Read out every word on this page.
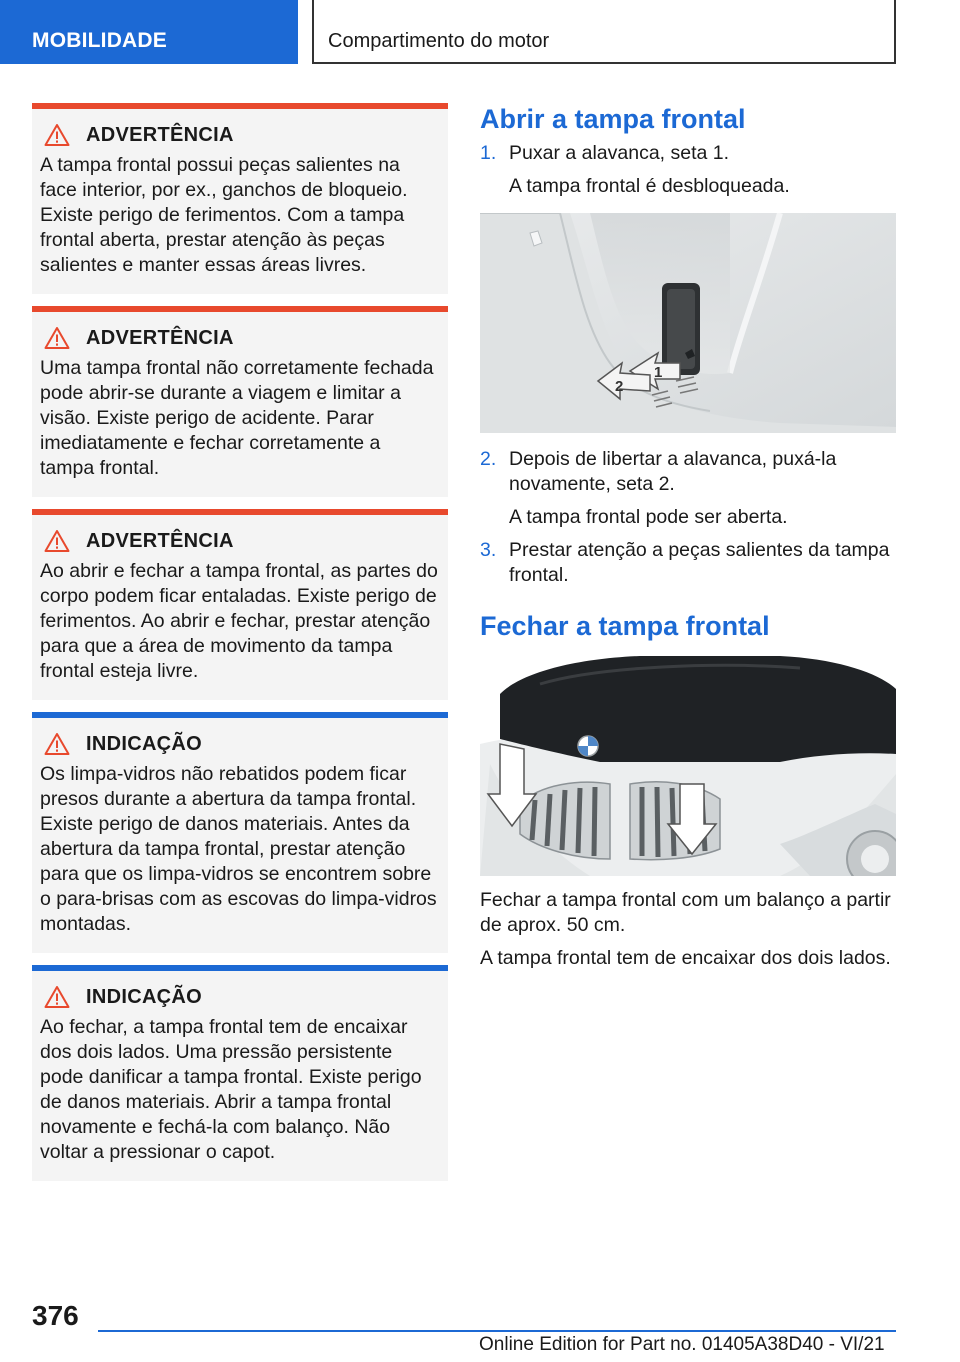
MOBILIDADE	Compartimento do motor
ADVERTÊNCIA
A tampa frontal possui peças salientes na face interior, por ex., ganchos de bloqueio. Existe perigo de ferimentos. Com a tampa frontal aberta, prestar atenção às peças salientes e manter essas áreas livres.
ADVERTÊNCIA
Uma tampa frontal não corretamente fechada pode abrir-se durante a viagem e limitar a visão. Existe perigo de acidente. Parar imediatamente e fechar corretamente a tampa frontal.
ADVERTÊNCIA
Ao abrir e fechar a tampa frontal, as partes do corpo podem ficar entaladas. Existe perigo de ferimentos. Ao abrir e fechar, prestar atenção para que a área de movimento da tampa frontal esteja livre.
INDICAÇÃO
Os limpa-vidros não rebatidos podem ficar presos durante a abertura da tampa frontal. Existe perigo de danos materiais. Antes da abertura da tampa frontal, prestar atenção para que os limpa-vidros se encontrem sobre o para-brisas com as escovas do limpa-vidros montadas.
INDICAÇÃO
Ao fechar, a tampa frontal tem de encaixar dos dois lados. Uma pressão persistente pode danificar a tampa frontal. Existe perigo de danos materiais. Abrir a tampa frontal novamente e fechá-la com balanço. Não voltar a pressionar o capot.
Abrir a tampa frontal
1. Puxar a alavanca, seta 1.
A tampa frontal é desbloqueada.
1
2
2. Depois de libertar a alavanca, puxá-la novamente, seta 2.
A tampa frontal pode ser aberta.
3. Prestar atenção a peças salientes da tampa frontal.
Fechar a tampa frontal
Fechar a tampa frontal com um balanço a partir de aprox. 50 cm.
A tampa frontal tem de encaixar dos dois lados.
376
Online Edition for Part no. 01405A38D40 - VI/21
